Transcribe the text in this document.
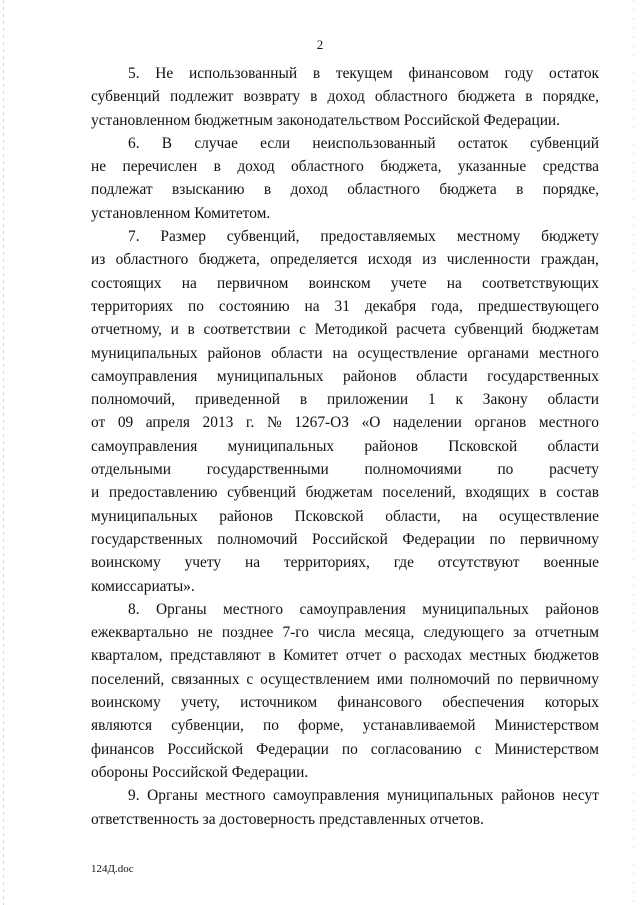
2
5. Не использованный в текущем финансовом году остаток
субвенций подлежит возврату в доход областного бюджета в порядке,
установленном бюджетным законодательством Российской Федерации.
6. В случае если неиспользованный остаток субвенций
не перечислен в доход областного бюджета, указанные средства
подлежат взысканию в доход областного бюджета в порядке,
установленном Комитетом.
7. Размер субвенций, предоставляемых местному бюджету
из областного бюджета, определяется исходя из численности граждан,
состоящих на первичном воинском учете на соответствующих
территориях по состоянию на 31 декабря года, предшествующего
отчетному, и в соответствии с Методикой расчета субвенций бюджетам
муниципальных районов области на осуществление органами местного
самоуправления муниципальных районов области государственных
полномочий, приведенной в приложении 1 к Закону области
от 09 апреля 2013 г. № 1267-ОЗ «О наделении органов местного
самоуправления муниципальных районов Псковской области
отдельными государственными полномочиями по расчету
и предоставлению субвенций бюджетам поселений, входящих в состав
муниципальных районов Псковской области, на осуществление
государственных полномочий Российской Федерации по первичному
воинскому учету на территориях, где отсутствуют военные
комиссариаты».
8. Органы местного самоуправления муниципальных районов
ежеквартально не позднее 7-го числа месяца, следующего за отчетным
кварталом, представляют в Комитет отчет о расходах местных бюджетов
поселений, связанных с осуществлением ими полномочий по первичному
воинскому учету, источником финансового обеспечения которых
являются субвенции, по форме, устанавливаемой Министерством
финансов Российской Федерации по согласованию с Министерством
обороны Российской Федерации.
9. Органы местного самоуправления муниципальных районов несут
ответственность за достоверность представленных отчетов.
124Д.doc
